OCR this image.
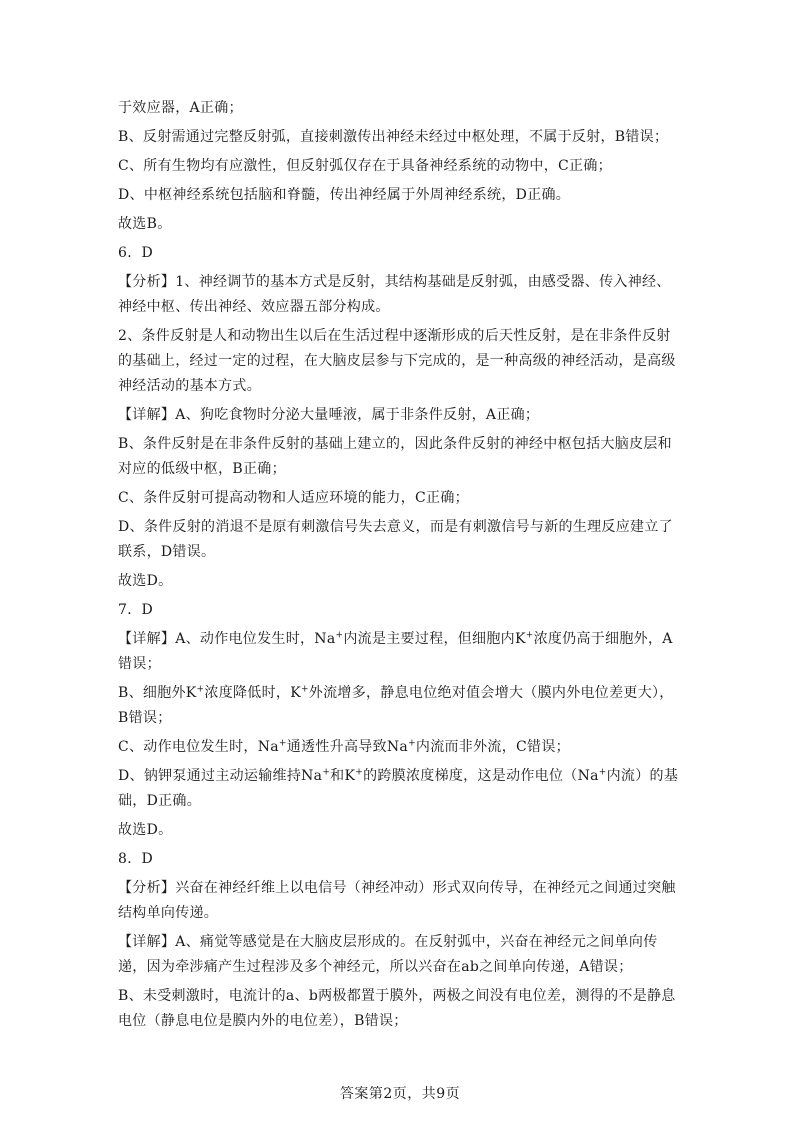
于效应器，A正确；
B、反射需通过完整反射弧，直接刺激传出神经未经过中枢处理，不属于反射，B错误；
C、所有生物均有应激性，但反射弧仅存在于具备神经系统的动物中，C正确；
D、中枢神经系统包括脑和脊髓，传出神经属于外周神经系统，D正确。
故选B。
6．D
【分析】1、神经调节的基本方式是反射，其结构基础是反射弧，由感受器、传入神经、神经中枢、传出神经、效应器五部分构成。
2、条件反射是人和动物出生以后在生活过程中逐渐形成的后天性反射，是在非条件反射的基础上，经过一定的过程，在大脑皮层参与下完成的，是一种高级的神经活动，是高级神经活动的基本方式。
【详解】A、狗吃食物时分泌大量唾液，属于非条件反射，A正确；
B、条件反射是在非条件反射的基础上建立的，因此条件反射的神经中枢包括大脑皮层和对应的低级中枢，B正确；
C、条件反射可提高动物和人适应环境的能力，C正确；
D、条件反射的消退不是原有刺激信号失去意义，而是有刺激信号与新的生理反应建立了联系，D错误。
故选D。
7．D
【详解】A、动作电位发生时，Na+内流是主要过程，但细胞内K+浓度仍高于细胞外，A错误；
B、细胞外K+浓度降低时，K+外流增多，静息电位绝对值会增大（膜内外电位差更大），B错误；
C、动作电位发生时，Na+通透性升高导致Na+内流而非外流，C错误；
D、钠钾泵通过主动运输维持Na+和K+的跨膜浓度梯度，这是动作电位（Na+内流）的基础，D正确。
故选D。
8．D
【分析】兴奋在神经纤维上以电信号（神经冲动）形式双向传导，在神经元之间通过突触结构单向传递。
【详解】A、痛觉等感觉是在大脑皮层形成的。在反射弧中，兴奋在神经元之间单向传递，因为牵涉痛产生过程涉及多个神经元，所以兴奋在ab之间单向传递，A错误；
B、未受刺激时，电流计的a、b两极都置于膜外，两极之间没有电位差，测得的不是静息电位（静息电位是膜内外的电位差），B错误；
答案第2页，共9页
